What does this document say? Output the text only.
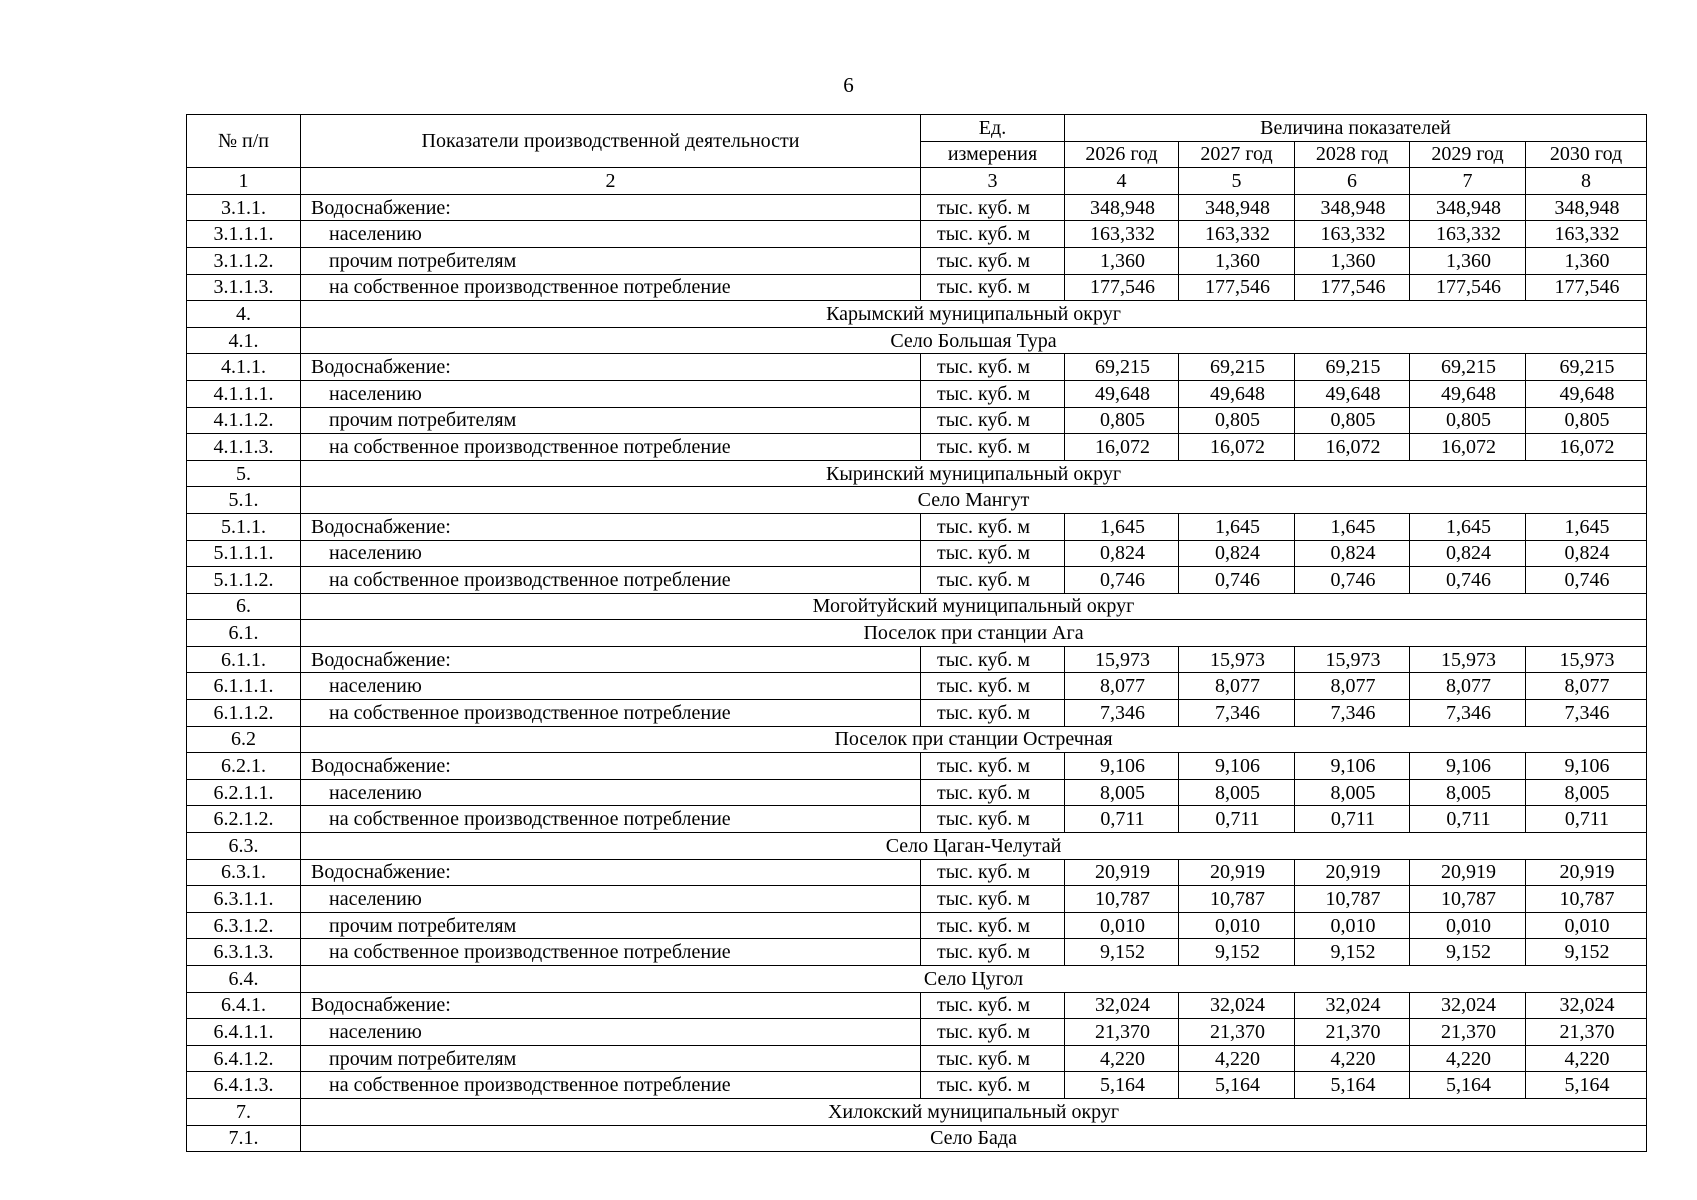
6
№ п/п	Показатели производственной деятельности	Ед.	Величина показателей				
		измерения	2026 год	2027 год	2028 год	2029 год	2030 год
1	2	3	4	5	6	7	8
3.1.1.	Водоснабжение:	тыс. куб. м	348,948	348,948	348,948	348,948	348,948
3.1.1.1.	населению	тыс. куб. м	163,332	163,332	163,332	163,332	163,332
3.1.1.2.	прочим потребителям	тыс. куб. м	1,360	1,360	1,360	1,360	1,360
3.1.1.3.	на собственное производственное потребление	тыс. куб. м	177,546	177,546	177,546	177,546	177,546
4.	Карымский муниципальный округ						
4.1.	Село Большая Тура						
4.1.1.	Водоснабжение:	тыс. куб. м	69,215	69,215	69,215	69,215	69,215
4.1.1.1.	населению	тыс. куб. м	49,648	49,648	49,648	49,648	49,648
4.1.1.2.	прочим потребителям	тыс. куб. м	0,805	0,805	0,805	0,805	0,805
4.1.1.3.	на собственное производственное потребление	тыс. куб. м	16,072	16,072	16,072	16,072	16,072
5.	Кыринский муниципальный округ						
5.1.	Село Мангут						
5.1.1.	Водоснабжение:	тыс. куб. м	1,645	1,645	1,645	1,645	1,645
5.1.1.1.	населению	тыс. куб. м	0,824	0,824	0,824	0,824	0,824
5.1.1.2.	на собственное производственное потребление	тыс. куб. м	0,746	0,746	0,746	0,746	0,746
6.	Могойтуйский муниципальный округ						
6.1.	Поселок при станции Ага						
6.1.1.	Водоснабжение:	тыс. куб. м	15,973	15,973	15,973	15,973	15,973
6.1.1.1.	населению	тыс. куб. м	8,077	8,077	8,077	8,077	8,077
6.1.1.2.	на собственное производственное потребление	тыс. куб. м	7,346	7,346	7,346	7,346	7,346
6.2	Поселок при станции Остречная						
6.2.1.	Водоснабжение:	тыс. куб. м	9,106	9,106	9,106	9,106	9,106
6.2.1.1.	населению	тыс. куб. м	8,005	8,005	8,005	8,005	8,005
6.2.1.2.	на собственное производственное потребление	тыс. куб. м	0,711	0,711	0,711	0,711	0,711
6.3.	Село Цаган-Челутай						
6.3.1.	Водоснабжение:	тыс. куб. м	20,919	20,919	20,919	20,919	20,919
6.3.1.1.	населению	тыс. куб. м	10,787	10,787	10,787	10,787	10,787
6.3.1.2.	прочим потребителям	тыс. куб. м	0,010	0,010	0,010	0,010	0,010
6.3.1.3.	на собственное производственное потребление	тыс. куб. м	9,152	9,152	9,152	9,152	9,152
6.4.	Село Цугол						
6.4.1.	Водоснабжение:	тыс. куб. м	32,024	32,024	32,024	32,024	32,024
6.4.1.1.	населению	тыс. куб. м	21,370	21,370	21,370	21,370	21,370
6.4.1.2.	прочим потребителям	тыс. куб. м	4,220	4,220	4,220	4,220	4,220
6.4.1.3.	на собственное производственное потребление	тыс. куб. м	5,164	5,164	5,164	5,164	5,164
7.	Хилокский муниципальный округ						
7.1.	Село Бада						
